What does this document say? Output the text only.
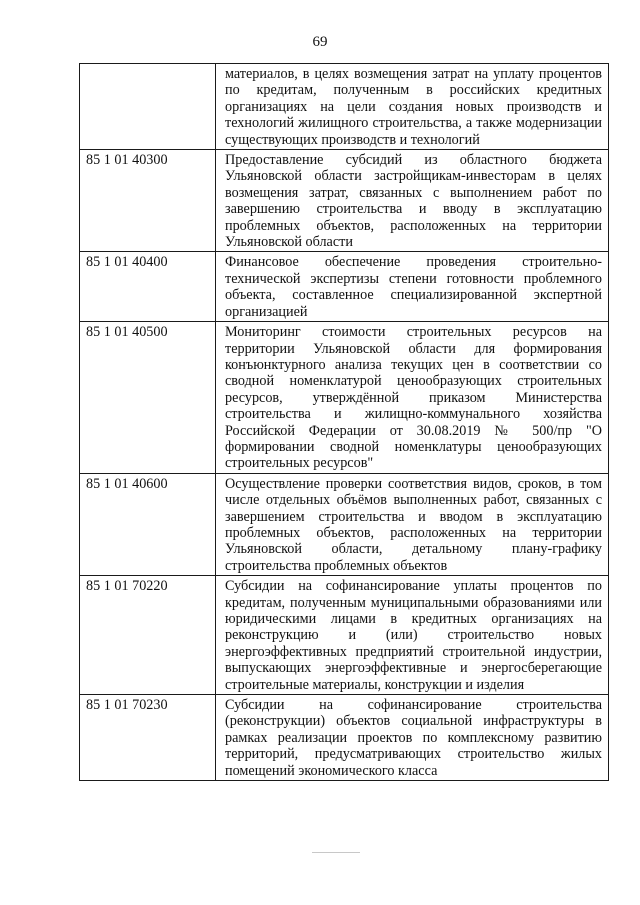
69
	материалов, в целях возмещения затрат на уплату процентов по кредитам, полученным в российских кредитных организациях на цели создания новых производств и технологий жилищного строительства, а также модернизации существующих производств и технологий
85 1 01 40300	Предоставление субсидий из областного бюджета Ульяновской области застройщикам-инвесторам в целях возмещения затрат, связанных с выполнением работ по завершению строительства и вводу в эксплуатацию проблемных объектов, расположенных на территории Ульяновской области
85 1 01 40400	Финансовое обеспечение проведения строительно-технической экспертизы степени готовности проблемного объекта, составленное специализированной экспертной организацией
85 1 01 40500	Мониторинг стоимости строительных ресурсов на территории Ульяновской области для формирования конъюнктурного анализа текущих цен в соответствии со сводной номенклатурой ценообразующих строительных ресурсов, утверждённой приказом Министерства строительства и жилищно-коммунального хозяйства Российской Федерации от 30.08.2019 № 500/пр "О формировании сводной номенклатуры ценообразующих строительных ресурсов"
85 1 01 40600	Осуществление проверки соответствия видов, сроков, в том числе отдельных объёмов выполненных работ, связанных с завершением строительства и вводом в эксплуатацию проблемных объектов, расположенных на территории Ульяновской области, детальному плану-графику строительства проблемных объектов
85 1 01 70220	Субсидии на софинансирование уплаты процентов по кредитам, полученным муниципальными образованиями или юридическими лицами в кредитных организациях на реконструкцию и (или) строительство новых энергоэффективных предприятий строительной индустрии, выпускающих энергоэффективные и энергосберегающие строительные материалы, конструкции и изделия
85 1 01 70230	Субсидии на софинансирование строительства (реконструкции) объектов социальной инфраструктуры в рамках реализации проектов по комплексному развитию территорий, предусматривающих строительство жилых помещений экономического класса
